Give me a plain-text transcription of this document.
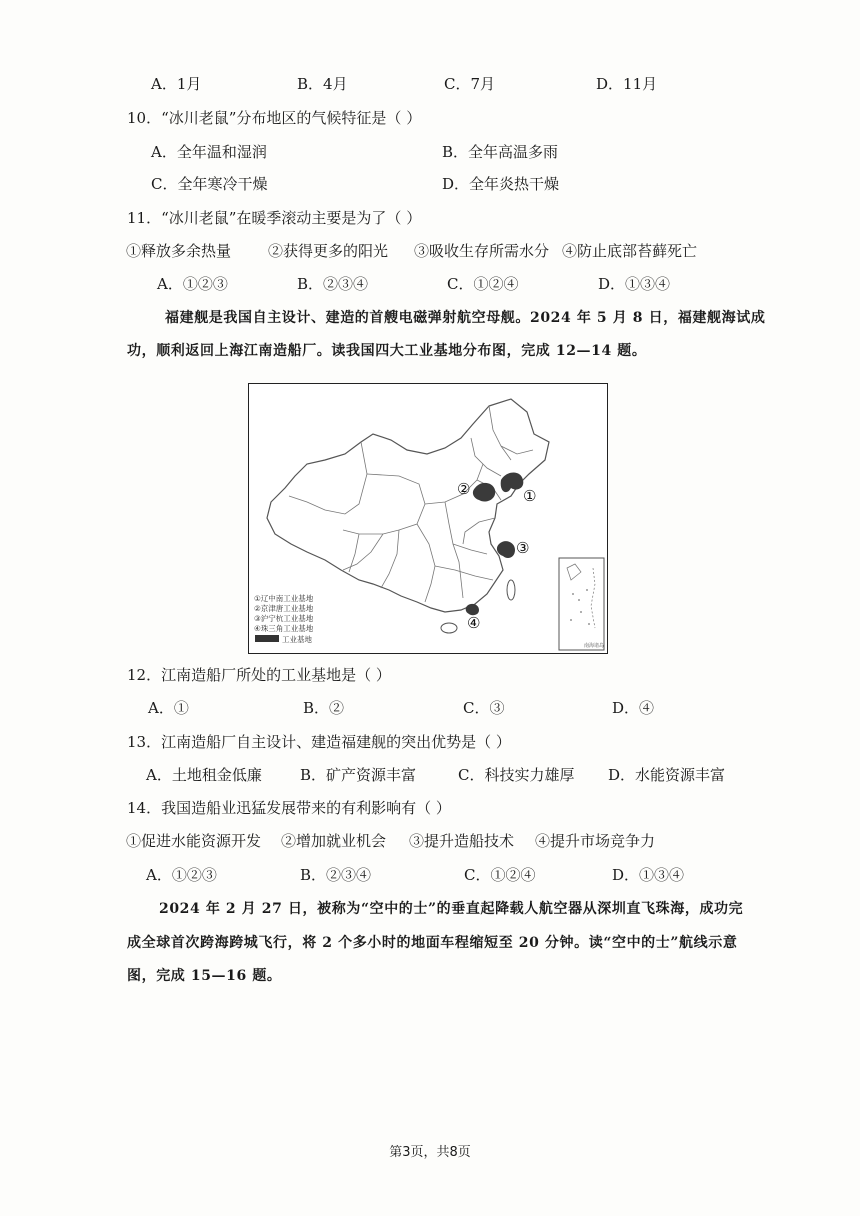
A．1月	B．4月	C．7月	D．11月
10．“冰川老鼠”分布地区的气候特征是（ ）
A．全年温和湿润	B．全年高温多雨
C．全年寒冷干燥	D．全年炎热干燥
11．“冰川老鼠”在暖季滚动主要是为了（ ）
①释放多余热量 ②获得更多的阳光 ③吸收生存所需水分 ④防止底部苔藓死亡
A．①②③	B．②③④	C．①②④	D．①③④
福建舰是我国自主设计、建造的首艘电磁弹射航空母舰。2024 年 5 月 8 日，福建舰海试成
功，顺利返回上海江南造船厂。读我国四大工业基地分布图，完成 12—14 题。
①
②
③
④
①辽中南工业基地
②京津唐工业基地
③沪宁杭工业基地
④珠三角工业基地
工业基地
南海诸岛
12．江南造船厂所处的工业基地是（ ）
A．①	B．②	C．③	D．④
13．江南造船厂自主设计、建造福建舰的突出优势是（ ）
A．土地租金低廉	B．矿产资源丰富	C．科技实力雄厚 D．水能资源丰富
14．我国造船业迅猛发展带来的有利影响有（ ）
①促进水能资源开发 ②增加就业机会 ③提升造船技术 ④提升市场竞争力
A．①②③	B．②③④	C．①②④	D．①③④
2024 年 2 月 27 日，被称为“空中的士”的垂直起降载人航空器从深圳直飞珠海，成功完
成全球首次跨海跨城飞行，将 2 个多小时的地面车程缩短至 20 分钟。读“空中的士”航线示意
图，完成 15—16 题。
第3页，共8页
